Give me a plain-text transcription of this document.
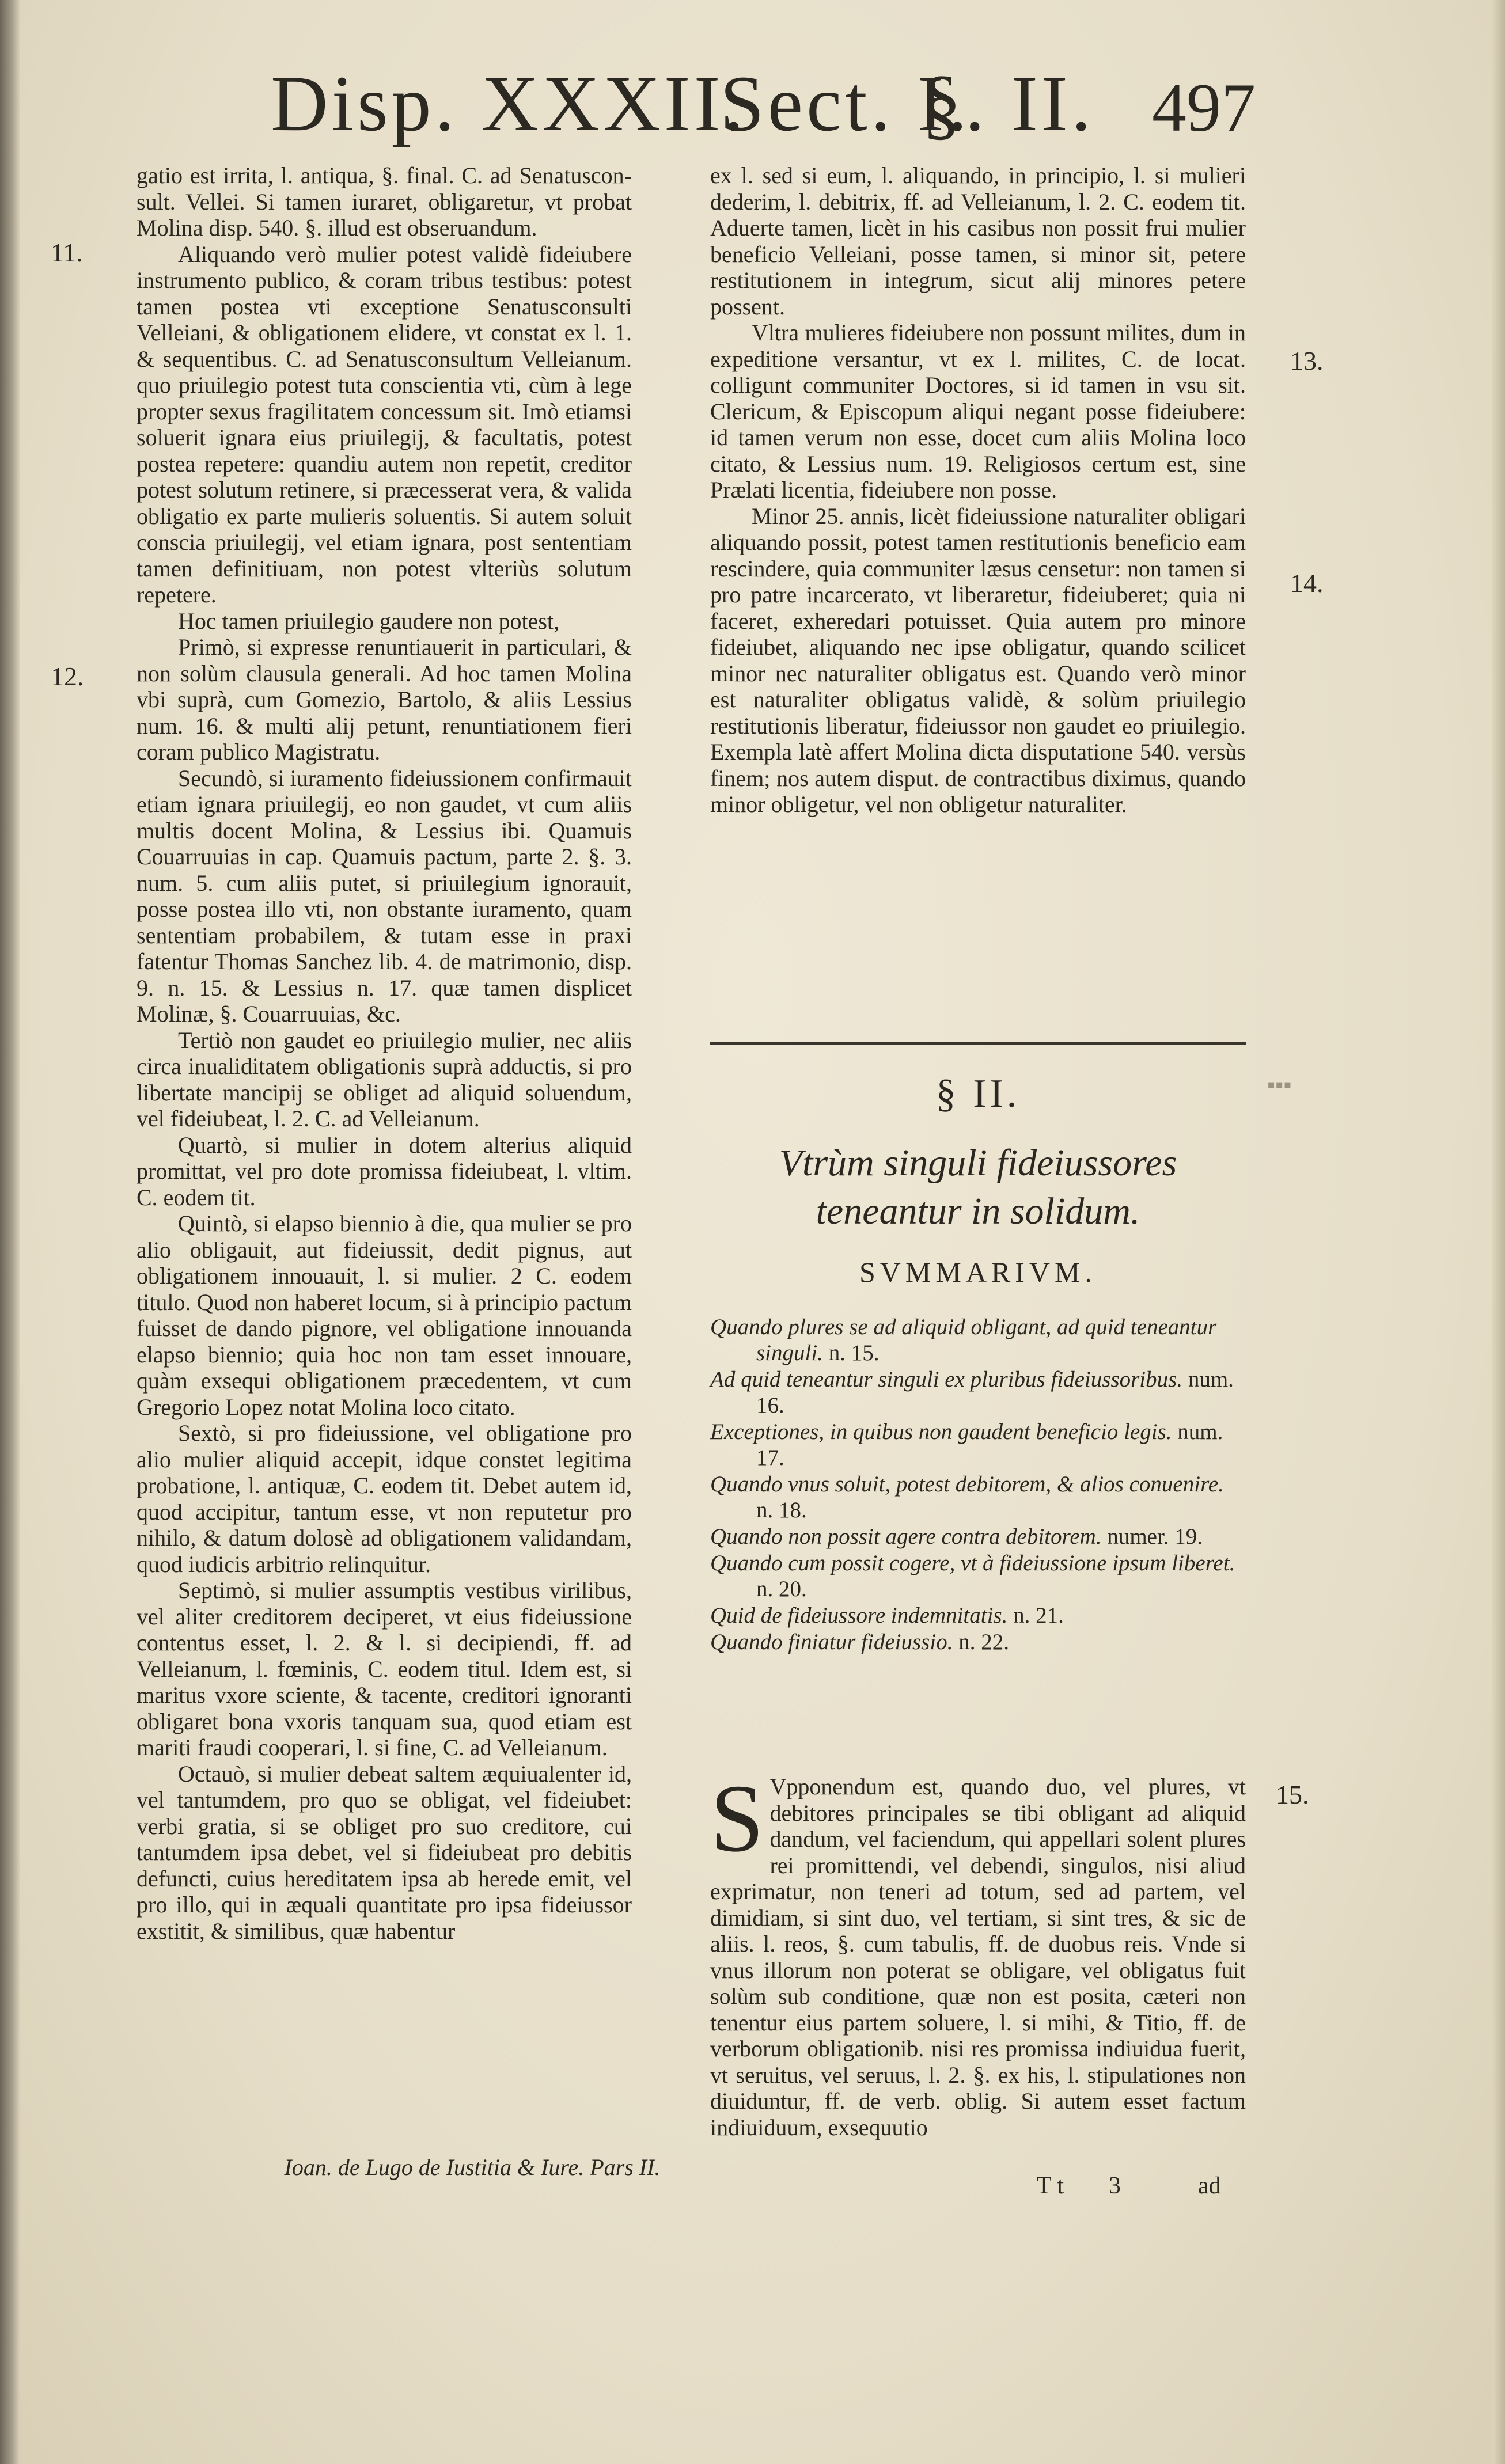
Disp. XXXII.
Sect. I.
§. II. 497
11.
12.
13.
14.
15.

gatio est irrita, l. antiqua, §. final. C. ad Senatuscon-sult. Vellei. Si tamen iuraret, obligaretur, vt probat Molina disp. 540. §. illud est obseruandum.

Aliquando verò mulier potest validè fideiubere instrumento publico, & coram tribus testibus: potest tamen postea vti exceptione Senatusconsulti Velleiani, & obligationem elidere, vt constat ex l. 1. & sequentibus. C. ad Senatusconsultum Velleianum. quo priuilegio potest tuta conscientia vti, cùm à lege propter sexus fragilitatem concessum sit. Imò etiamsi soluerit ignara eius priuilegij, & facultatis, potest postea repetere: quandiu autem non repetit, creditor potest solutum retinere, si præcesserat vera, & valida obligatio ex parte mulieris soluentis. Si autem soluit conscia priuilegij, vel etiam ignara, post sententiam tamen definitiuam, non potest vlteriùs solutum repetere.

Hoc tamen priuilegio gaudere non potest,

Primò, si expresse renuntiauerit in particulari, & non solùm clausula generali. Ad hoc tamen Molina vbi suprà, cum Gomezio, Bartolo, & aliis Lessius num. 16. & multi alij petunt, renuntiationem fieri coram publico Magistratu.

Secundò, si iuramento fideiussionem confirmauit etiam ignara priuilegij, eo non gaudet, vt cum aliis multis docent Molina, & Lessius ibi. Quamuis Couarruuias in cap. Quamuis pactum, parte 2. §. 3. num. 5. cum aliis putet, si priuilegium ignorauit, posse postea illo vti, non obstante iuramento, quam sententiam probabilem, & tutam esse in praxi fatentur Thomas Sanchez lib. 4. de matrimonio, disp. 9. n. 15. & Lessius n. 17. quæ tamen displicet Molinæ, §. Couarruuias, &c.

Tertiò non gaudet eo priuilegio mulier, nec aliis circa inualiditatem obligationis suprà adductis, si pro libertate mancipij se obliget ad aliquid soluendum, vel fideiubeat, l. 2. C. ad Velleianum.

Quartò, si mulier in dotem alterius aliquid promittat, vel pro dote promissa fideiubeat, l. vltim. C. eodem tit.

Quintò, si elapso biennio à die, qua mulier se pro alio obligauit, aut fideiussit, dedit pignus, aut obligationem innouauit, l. si mulier. 2 C. eodem titulo. Quod non haberet locum, si à principio pactum fuisset de dando pignore, vel obligatione innouanda elapso biennio; quia hoc non tam esset innouare, quàm exsequi obligationem præcedentem, vt cum Gregorio Lopez notat Molina loco citato.

Sextò, si pro fideiussione, vel obligatione pro alio mulier aliquid accepit, idque constet legitima probatione, l. antiquæ, C. eodem tit. Debet autem id, quod accipitur, tantum esse, vt non reputetur pro nihilo, & datum dolosè ad obligationem validandam, quod iudicis arbitrio relinquitur.

Septimò, si mulier assumptis vestibus virilibus, vel aliter creditorem deciperet, vt eius fideiussione contentus esset, l. 2. & l. si decipiendi, ff. ad Velleianum, l. fœminis, C. eodem titul. Idem est, si maritus vxore sciente, & tacente, creditori ignoranti obligaret bona vxoris tanquam sua, quod etiam est mariti fraudi cooperari, l. si fine, C. ad Velleianum.

Octauò, si mulier debeat saltem æquiualenter id, vel tantumdem, pro quo se obligat, vel fideiubet: verbi gratia, si se obliget pro suo creditore, cui tantumdem ipsa debet, vel si fideiubeat pro debitis defuncti, cuius hereditatem ipsa ab herede emit, vel pro illo, qui in æquali quantitate pro ipsa fideiussor exstitit, & similibus, quæ habentur

ex l. sed si eum, l. aliquando, in principio, l. si mulieri dederim, l. debitrix, ff. ad Velleianum, l. 2. C. eodem tit. Aduerte tamen, licèt in his casibus non possit frui mulier beneficio Velleiani, posse tamen, si minor sit, petere restitutionem in integrum, sicut alij minores petere possent.

Vltra mulieres fideiubere non possunt milites, dum in expeditione versantur, vt ex l. milites, C. de locat. colligunt communiter Doctores, si id tamen in vsu sit. Clericum, & Episcopum aliqui negant posse fideiubere: id tamen verum non esse, docet cum aliis Molina loco citato, & Lessius num. 19. Religiosos certum est, sine Prælati licentia, fideiubere non posse.

Minor 25. annis, licèt fideiussione naturaliter obligari aliquando possit, potest tamen restitutionis beneficio eam rescindere, quia communiter læsus censetur: non tamen si pro patre incarcerato, vt liberaretur, fideiuberet; quia ni faceret, exheredari potuisset. Quia autem pro minore fideiubet, aliquando nec ipse obligatur, quando scilicet minor nec naturaliter obligatus est. Quando verò minor est naturaliter obligatus validè, & solùm priuilegio restitutionis liberatur, fideiussor non gaudet eo priuilegio. Exempla latè affert Molina dicta disputatione 540. versùs finem; nos autem disput. de contractibus diximus, quando minor obligetur, vel non obligetur naturaliter.

▪▪▪
§ II.
Vtrùm singuli fideiussores teneantur in solidum.
SVMMARIVM.
Quando plures se ad aliquid obligant, ad quid teneantur singuli. n. 15.
Ad quid teneantur singuli ex pluribus fideiussoribus. num. 16.
Exceptiones, in quibus non gaudent beneficio legis. num. 17.
Quando vnus soluit, potest debitorem, & alios conuenire. n. 18.
Quando non possit agere contra debitorem. numer. 19.
Quando cum possit cogere, vt à fideiussione ipsum liberet. n. 20.
Quid de fideiussore indemnitatis. n. 21.
Quando finiatur fideiussio. n. 22.
S Vpponendum est, quando duo, vel plures, vt debitores principales se tibi obligant ad aliquid dandum, vel faciendum, qui appellari solent plures rei promittendi, vel debendi, singulos, nisi aliud exprimatur, non teneri ad totum, sed ad partem, vel dimidiam, si sint duo, vel tertiam, si sint tres, & sic de aliis. l. reos, §. cum tabulis, ff. de duobus reis. Vnde si vnus illorum non poterat se obligare, vel obligatus fuit solùm sub conditione, quæ non est posita, cæteri non tenentur eius partem soluere, l. si mihi, & Titio, ff. de verborum obligationib. nisi res promissa indiuidua fuerit, vt seruitus, vel seruus, l. 2. §. ex his, l. stipulationes non diuiduntur, ff. de verb. oblig. Si autem esset factum indiuiduum, exsequutio
Ioan. de Lugo de Iustitia & Iure. Pars II.
T t 3	ad
